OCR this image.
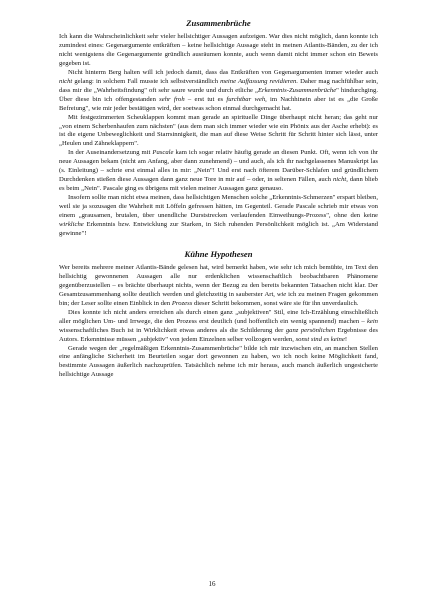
Zusammenbrüche

Ich kann die Wahrscheinlichkeit sehr vieler hellsichtiger Aussagen aufzeigen. War dies nicht möglich, dann konnte ich zumindest eines: Gegenargumente entkräften – keine hellsichtige Aussage steht in meinen Atlantis-Bänden, zu der ich nicht wenigstens die Gegenargumente gründlich ausräumen konnte, auch wenn damit nicht immer schon ein Beweis gegeben ist.

Nicht hinterm Berg halten will ich jedoch damit, dass das Entkräften von Gegenargumenten immer wieder auch nicht gelang: in solchem Fall musste ich selbstverständlich meine Auffassung revidieren. Daher mag nachfühlbar sein, dass mir die „Wahrheitsfindung" oft sehr saure wurde und durch etliche „Erkenntnis-Zusammenbrüche" hindurchging. Über diese bin ich offengestanden sehr froh – erst tut es furchtbar weh, im Nachhinein aber ist es „die Große Befreiung", wie mir jeder bestätigen wird, der soetwas schon einmal durchgemacht hat.

Mit festgezimmerten Scheuklappen kommt man gerade an spirituelle Dinge überhaupt nicht heran; das geht nur „von einem Scherbenhaufen zum nächsten" (aus dem man sich immer wieder wie ein Phönix aus der Asche erhebt): es ist die eigene Unbeweglichkeit und Starrsinnigkeit, die man auf diese Weise Schritt für Schritt hinter sich lässt, unter „Heulen und Zähneklappern".

In der Auseinandersetzung mit Pascale kam ich sogar relativ häufig gerade an diesen Punkt. Oft, wenn ich von ihr neue Aussagen bekam (nicht am Anfang, aber dann zunehmend) – und auch, als ich ihr nachgelassenes Manuskript las (s. Einleitung) – schrie erst einmal alles in mir: „Nein"! Und erst nach öfterem Darüber-Schlafen und gründlichem Durchdenken stießen diese Aussagen dann ganz neue Tore in mir auf – oder, in seltenen Fällen, auch nicht, dann blieb es beim „Nein". Pascale ging es übrigens mit vielen meiner Aussagen ganz genauso.

Insofern sollte man nicht etwa meinen, dass hellsichtigen Menschen solche „Erkenntnis-Schmerzen" erspart bleiben, weil sie ja sozusagen die Wahrheit mit Löffeln gefressen hätten, im Gegenteil. Gerade Pascale schrieb mir etwas von einem „grausamen, brutalen, über unendliche Durststrecken verlaufenden Einweihungs-Prozess", ohne den keine wirkliche Erkenntnis bzw. Entwicklung zur Starken, in Sich ruhenden Persönlichkeit möglich ist. „Am Widerstand gewinne"!

Kühne Hypothesen

Wer bereits mehrere meiner Atlantis-Bände gelesen hat, wird bemerkt haben, wie sehr ich mich bemühte, im Text den hellsichtig gewonnenen Aussagen alle nur erdenklichen wissenschaftlich beobachtbaren Phänomene gegenüberzustellen – es brächte überhaupt nichts, wenn der Bezug zu den bereits bekannten Tatsachen nicht klar. Der Gesamtzusammenhang sollte deutlich werden und gleichzeitig in sauberster Art, wie ich zu meinen Fragen gekommen bin; der Leser sollte einen Einblick in den Prozess dieser Schritt bekommen, sonst wäre sie für ihn unverdaulich.

Dies konnte ich nicht anders erreichen als durch einen ganz „subjektiven" Stil, eine Ich-Erzählung einschließlich aller möglichen Um- und Irrwege, die den Prozess erst deutlich (und hoffentlich ein wenig spannend) machen – kein wissenschaftliches Buch ist in Wirklichkeit etwas anderes als die Schilderung der ganz persönlichen Ergebnisse des Autors. Erkenntnisse müssen „subjektiv" von jedem Einzelnen selber vollzogen werden, sonst sind es keine!

Gerade wegen der „regelmäßigen Erkenntnis-Zusammenbrüche" bilde ich mir inzwischen ein, an manchen Stellen eine anfängliche Sicherheit im Beurteilen sogar dort gewonnen zu haben, wo ich noch keine Möglichkeit fand, bestimmte Aussagen äußerlich nachzuprüfen. Tatsächlich nehme ich mir heraus, auch manch äußerlich ungesicherte hellsichtige Aussage

16
